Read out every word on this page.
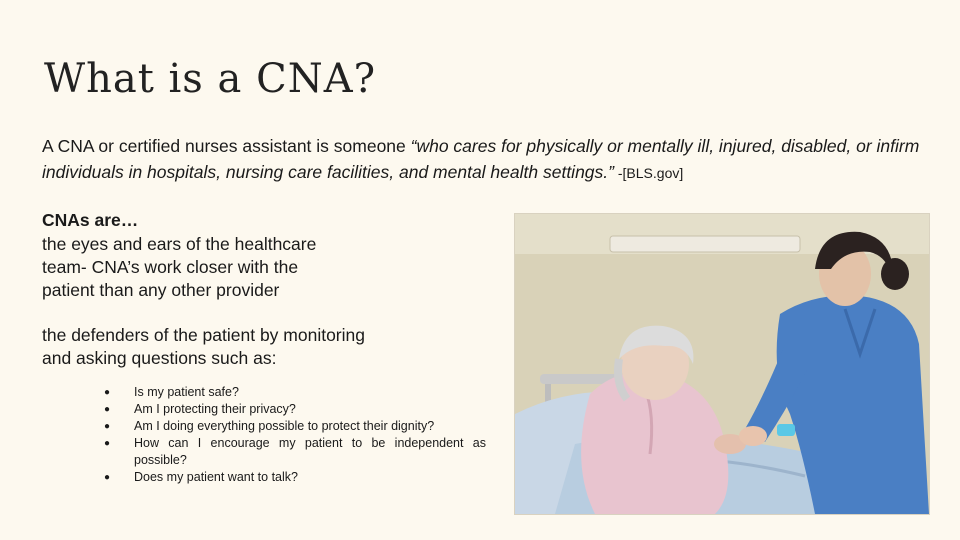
What is a CNA?
A CNA or certified nurses assistant is someone “who cares for physically or mentally ill, injured, disabled, or infirm individuals in hospitals, nursing care facilities, and mental health settings.” -[BLS.gov]
CNAs are…
the eyes and ears of the healthcare team- CNA’s work closer with the patient than any other provider
the defenders of the patient by monitoring and asking questions such as:
● Is my patient safe?
● Am I protecting their privacy?
● Am I doing everything possible to protect their dignity?
● How can I encourage my patient to be independent as possible?
● Does my patient want to talk?
